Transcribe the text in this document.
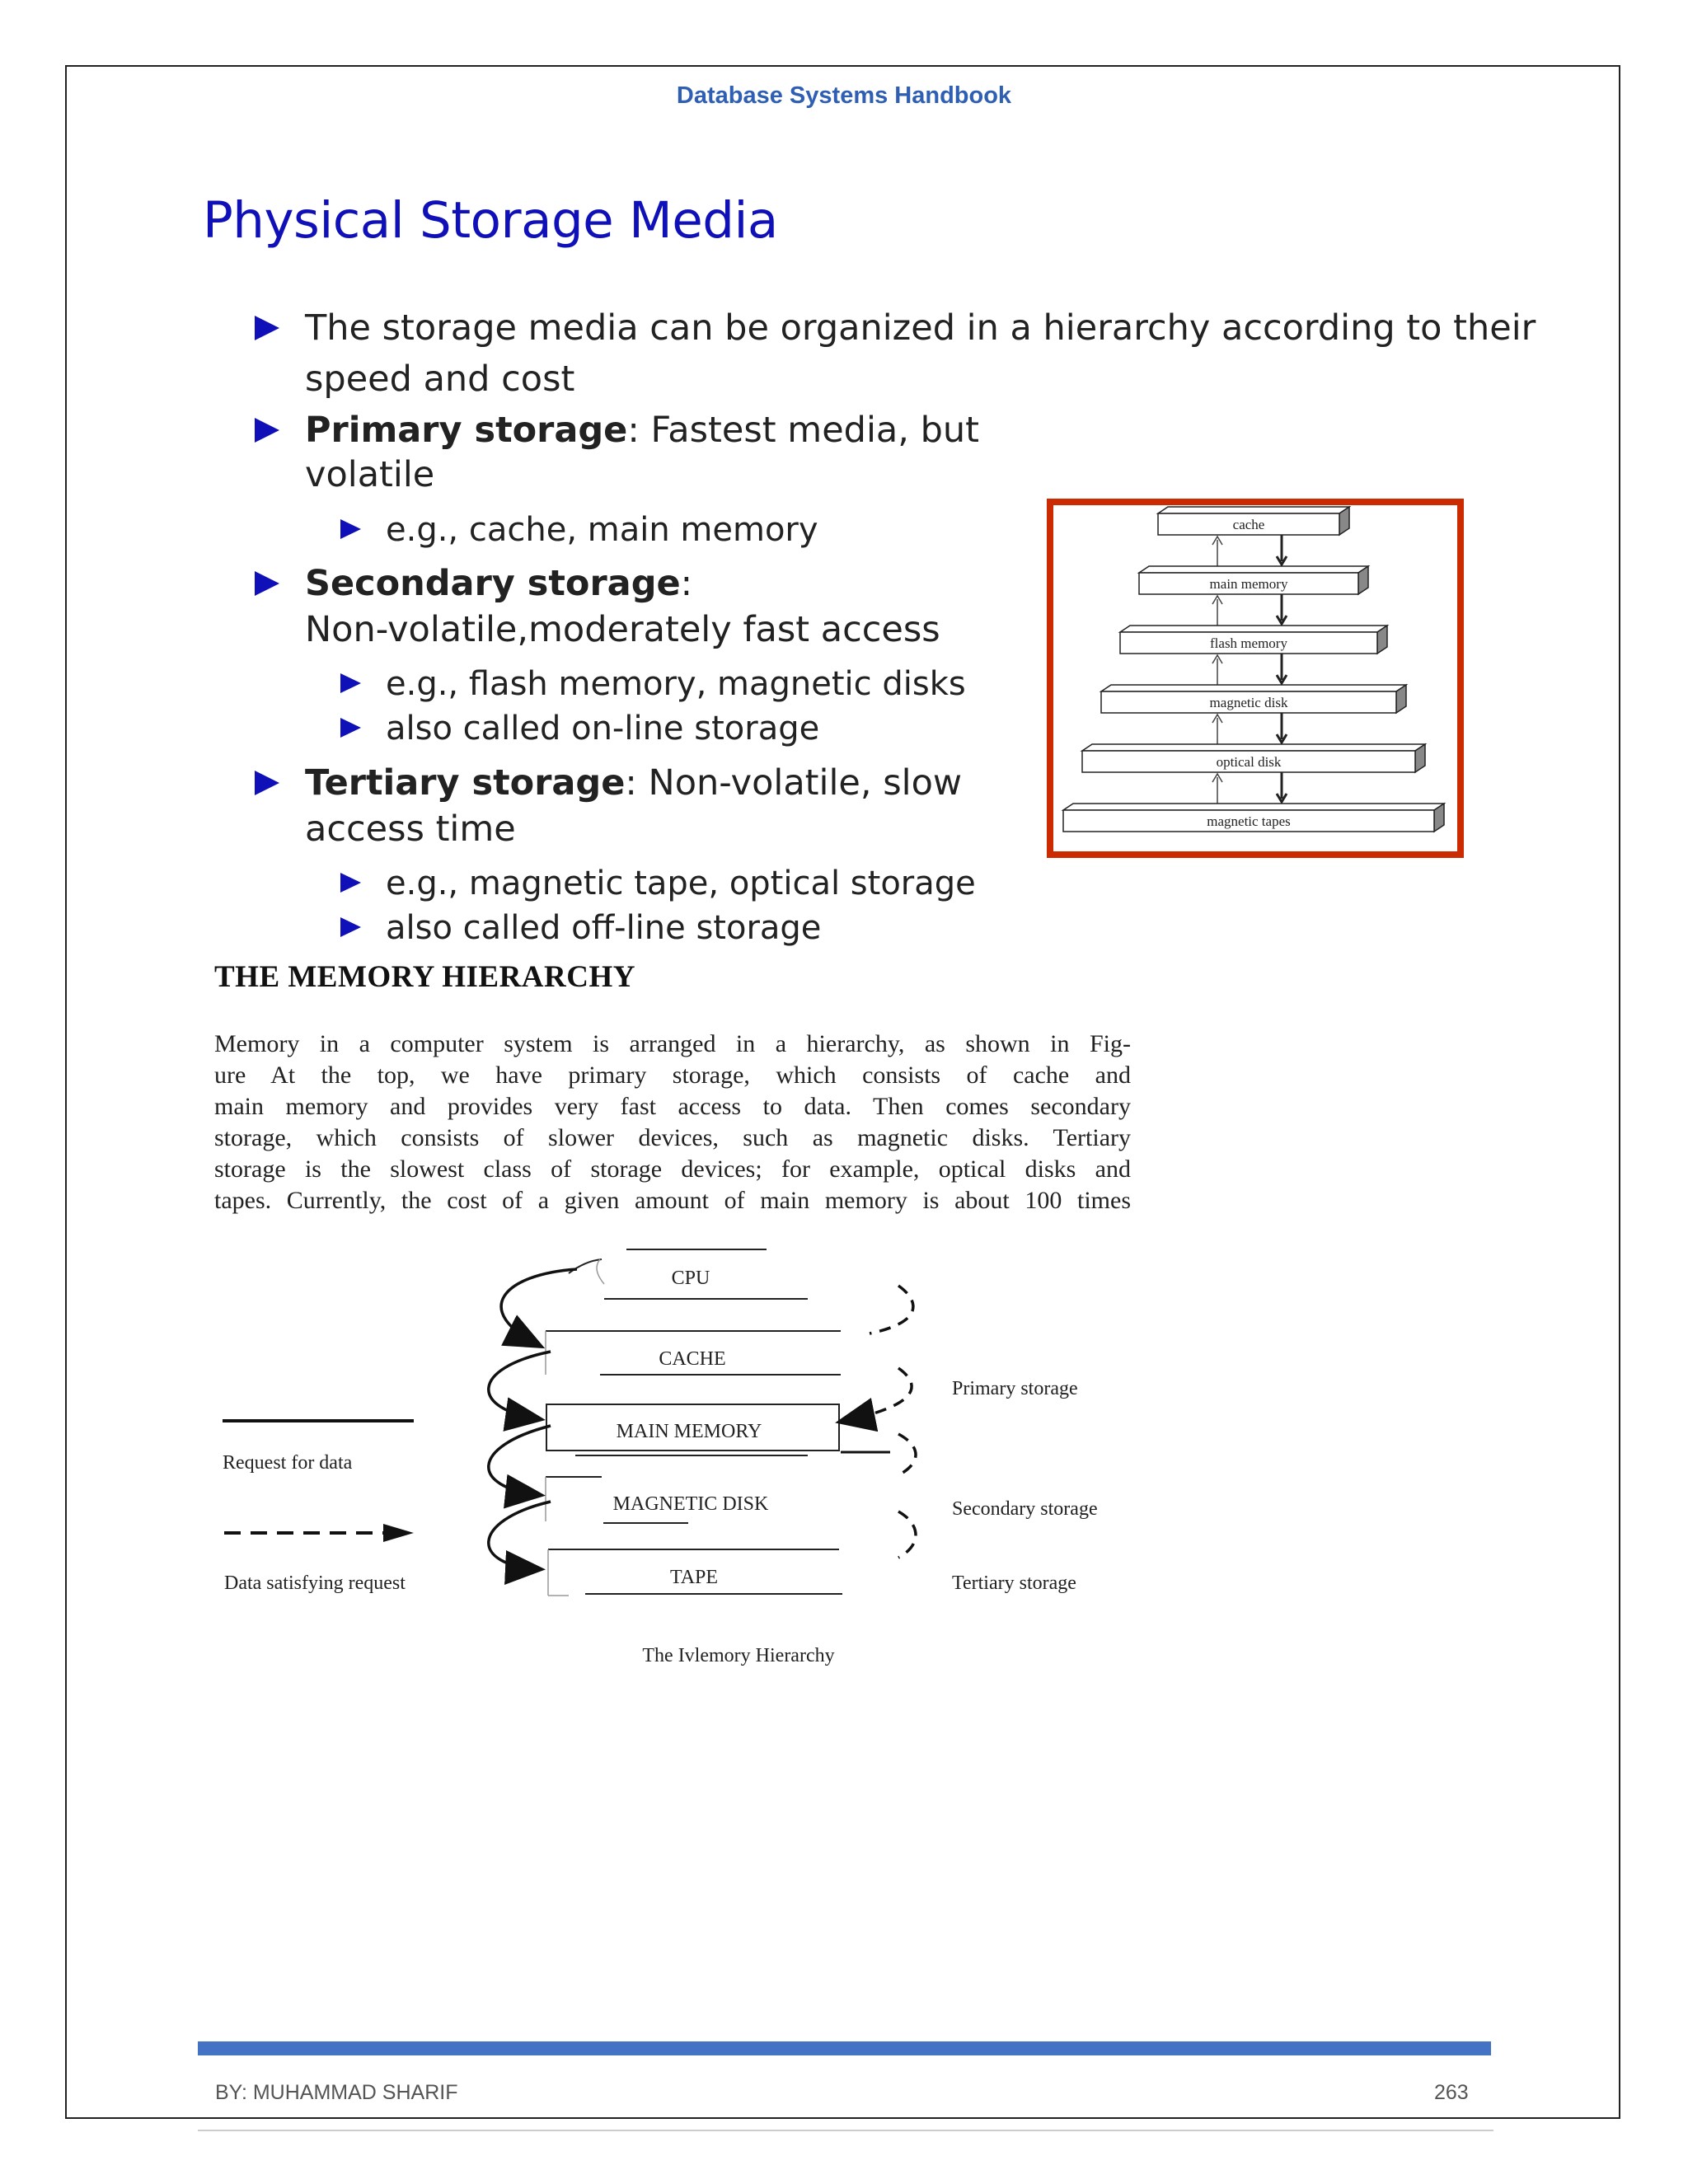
Database Systems Handbook
Physical Storage Media
The storage media can be organized in a hierarchy according to their
speed and cost
Primary storage: Fastest media, but
volatile
e.g., cache, main memory
Secondary storage:
Non-volatile,moderately fast access
e.g., flash memory, magnetic disks
also called on-line storage
Tertiary storage: Non-volatile, slow
access time
e.g., magnetic tape, optical storage
also called off-line storage
cache
main memory
flash memory
magnetic disk
optical disk
magnetic tapes
THE MEMORY HIERARCHY
Memory in a computer system is arranged in a hierarchy, as shown in Fig-
ure At the top, we have primary storage, which consists of cache and
main memory and provides very fast access to data. Then comes secondary
storage, which consists of slower devices, such as magnetic disks. Tertiary
storage is the slowest class of storage devices; for example, optical disks and
tapes. Currently, the cost of a given amount of main memory is about 100 times
CPU
CACHE
MAIN MEMORY
MAGNETIC DISK
TAPE
Request for data
Data satisfying request
Primary storage
Secondary storage
Tertiary storage
The Ivlemory Hierarchy
BY: MUHAMMAD SHARIF	263
